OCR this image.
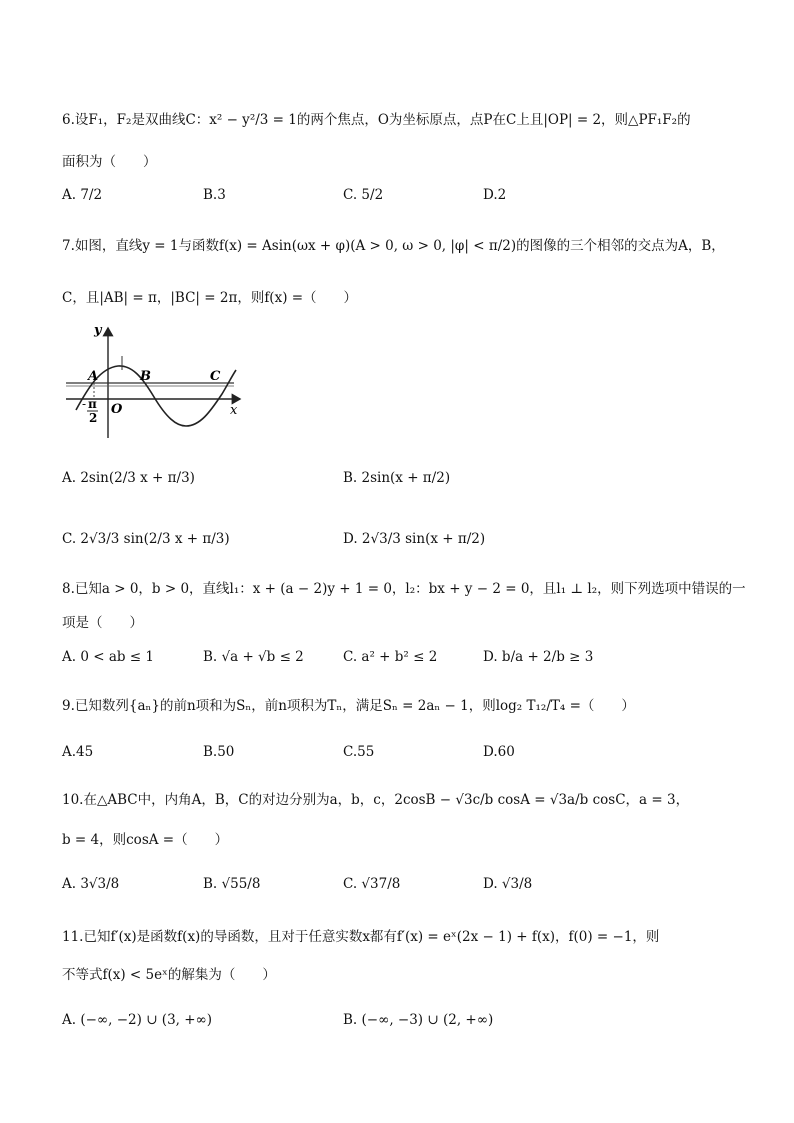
6.设F₁，F₂是双曲线C：x² − y²/3 = 1的两个焦点，O为坐标原点，点P在C上且|OP| = 2，则△PF₁F₂的
面积为（　　）
A. 7/2	B.3	C. 5/2	D.2
7.如图，直线y = 1与函数f(x) = Asin(ωx + φ)(A > 0, ω > 0, |φ| < π/2)的图像的三个相邻的交点为A，B，
C，且|AB| = π，|BC| = 2π，则f(x) =（　　）
y
x
O
A	B	C
- π
2
A. 2sin(2/3 x + π/3)	B. 2sin(x + π/2)
C. 2√3/3 sin(2/3 x + π/3)	D. 2√3/3 sin(x + π/2)
8.已知a > 0，b > 0，直线l₁：x + (a − 2)y + 1 = 0，l₂：bx + y − 2 = 0，且l₁ ⊥ l₂，则下列选项中错误的一
项是（　　）
A. 0 < ab ≤ 1	B. √a + √b ≤ 2	C. a² + b² ≤ 2	D. b/a + 2/b ≥ 3
9.已知数列{aₙ}的前n项和为Sₙ，前n项积为Tₙ，满足Sₙ = 2aₙ − 1，则log₂ T₁₂/T₄ =（　　）
A.45	B.50	C.55	D.60
10.在△ABC中，内角A，B，C的对边分别为a，b，c，2cosB − √3c/b cosA = √3a/b cosC，a = 3，
b = 4，则cosA =（　　）
A. 3√3/8	B. √55/8	C. √37/8	D. √3/8
11.已知f′(x)是函数f(x)的导函数，且对于任意实数x都有f′(x) = eˣ(2x − 1) + f(x)，f(0) = −1，则
不等式f(x) < 5eˣ的解集为（　　）
A. (−∞, −2) ∪ (3, +∞)	B. (−∞, −3) ∪ (2, +∞)
